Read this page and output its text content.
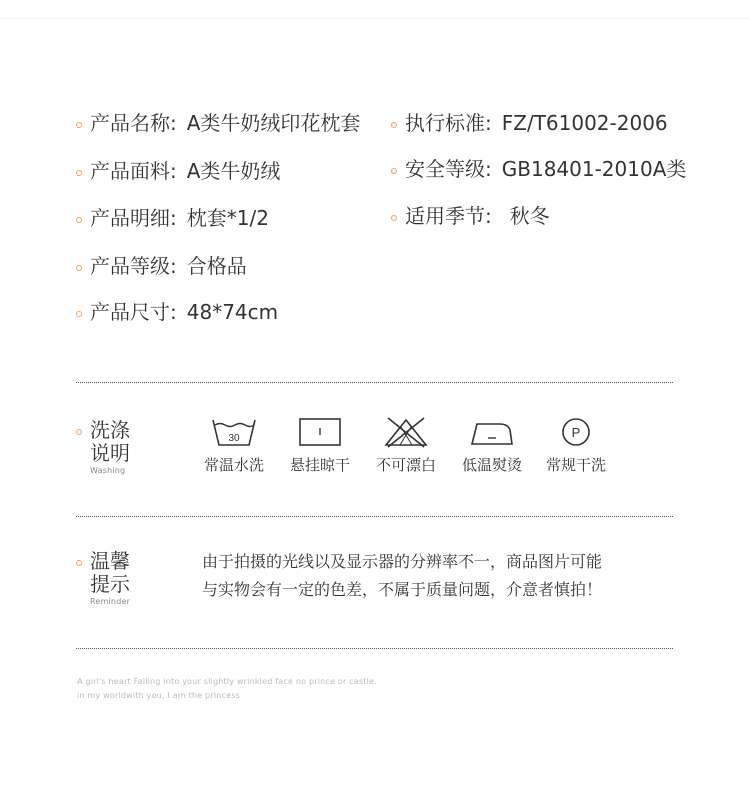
产品名称: A类牛奶绒印花枕套
产品面料: A类牛奶绒
产品明细: 枕套*1/2
产品等级: 合格品
产品尺寸: 48*74cm
执行标准: FZ/T61002-2006
安全等级: GB18401-2010A类
适用季节: 秋冬
洗涤
说明
Washing
30
常温水洗 悬挂晾干 不可漂白 低温熨烫
P
常规干洗
温馨
提示
Reminder
由于拍摄的光线以及显示器的分辨率不一，商品图片可能
与实物会有一定的色差，不属于质量问题，介意者慎拍！
A girl's heart Falling into your slightly wrinkled face no prince or castle.
in my worldwith you, I am the princess
